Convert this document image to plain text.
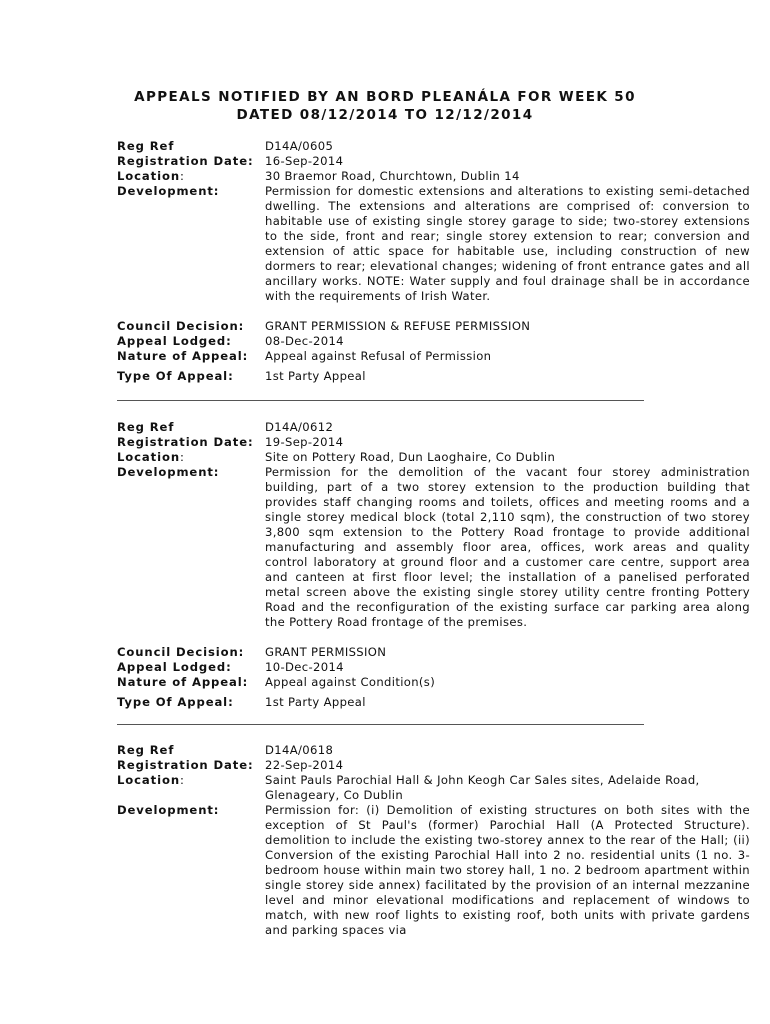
APPEALS NOTIFIED BY AN BORD PLEANÁLA FOR WEEK 50
DATED 08/12/2014 TO 12/12/2014
Reg Ref	D14A/0605
Registration Date: 16-Sep-2014
Location:	30 Braemor Road, Churchtown, Dublin 14
Development:	Permission for domestic extensions and alterations to existing semi-detached dwelling. The extensions and alterations are comprised of: conversion to habitable use of existing single storey garage to side; two-storey extensions to the side, front and rear; single storey extension to rear; conversion and extension of attic space for habitable use, including construction of new dormers to rear; elevational changes; widening of front entrance gates and all ancillary works. NOTE: Water supply and foul drainage shall be in accordance with the requirements of Irish Water.
Council Decision:	GRANT PERMISSION & REFUSE PERMISSION
Appeal Lodged:	08-Dec-2014
Nature of Appeal:	Appeal against Refusal of Permission
Type Of Appeal:	1st Party Appeal
Reg Ref	D14A/0612
Registration Date: 19-Sep-2014
Location:	Site on Pottery Road, Dun Laoghaire, Co Dublin
Development:	Permission for the demolition of the vacant four storey administration building, part of a two storey extension to the production building that provides staff changing rooms and toilets, offices and meeting rooms and a single storey medical block (total 2,110 sqm), the construction of two storey 3,800 sqm extension to the Pottery Road frontage to provide additional manufacturing and assembly floor area, offices, work areas and quality control laboratory at ground floor and a customer care centre, support area and canteen at first floor level; the installation of a panelised perforated metal screen above the existing single storey utility centre fronting Pottery Road and the reconfiguration of the existing surface car parking area along the Pottery Road frontage of the premises.
Council Decision:	GRANT PERMISSION
Appeal Lodged:	10-Dec-2014
Nature of Appeal:	Appeal against Condition(s)
Type Of Appeal:	1st Party Appeal
Reg Ref	D14A/0618
Registration Date: 22-Sep-2014
Location:	Saint Pauls Parochial Hall & John Keogh Car Sales sites, Adelaide Road, Glenageary, Co Dublin
Development:	Permission for: (i) Demolition of existing structures on both sites with the exception of St Paul's (former) Parochial Hall (A Protected Structure). demolition to include the existing two-storey annex to the rear of the Hall; (ii) Conversion of the existing Parochial Hall into 2 no. residential units (1 no. 3-bedroom house within main two storey hall, 1 no. 2 bedroom apartment within single storey side annex) facilitated by the provision of an internal mezzanine level and minor elevational modifications and replacement of windows to match, with new roof lights to existing roof, both units with private gardens and parking spaces via
